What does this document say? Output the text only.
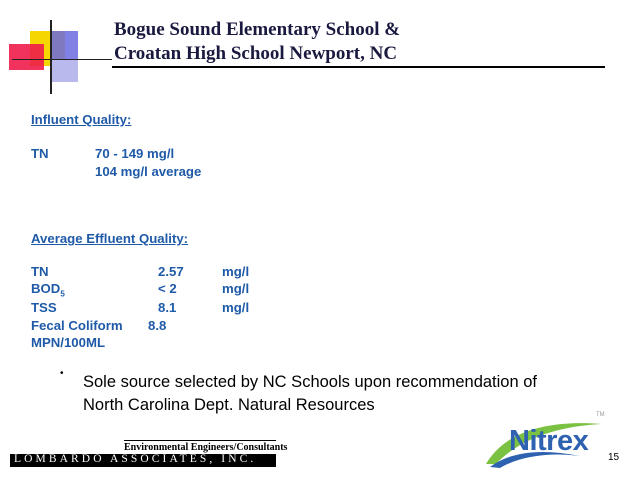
Bogue Sound Elementary School &
Croatan High School Newport, NC
Influent Quality:
TN	70 - 149 mg/l
104 mg/l average
Average Effluent Quality:
TN	2.57	mg/l
$BOD_5$	< 2	mg/l
TSS	8.1	mg/l
Fecal Coliform 8.8
MPN/100ML
• Sole source selected by NC Schools upon recommendation of
North Carolina Dept. Natural Resources
Environmental Engineers/Consultants
LOMBARDO ASSOCIATES, INC.
Nitrex
TM
15
